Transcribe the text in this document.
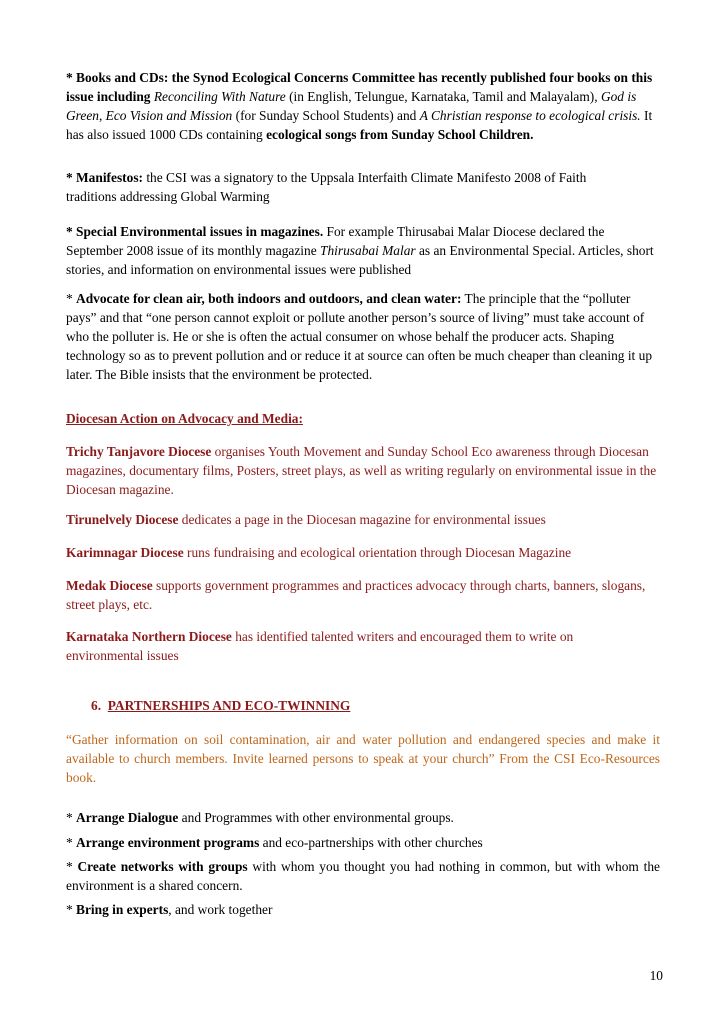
* Books and CDs: the Synod Ecological Concerns Committee has recently published four books on this issue including Reconciling With Nature (in English, Telungue, Karnataka, Tamil and Malayalam), God is Green, Eco Vision and Mission (for Sunday School Students) and A Christian response to ecological crisis. It has also issued 1000 CDs containing ecological songs from Sunday School Children.

* Manifestos: the CSI was a signatory to the Uppsala Interfaith Climate Manifesto 2008 of Faith traditions addressing Global Warming

* Special Environmental issues in magazines. For example Thirusabai Malar Diocese declared the September 2008 issue of its monthly magazine Thirusabai Malar as an Environmental Special. Articles, short stories, and information on environmental issues were published

* Advocate for clean air, both indoors and outdoors, and clean water: The principle that the “polluter pays” and that “one person cannot exploit or pollute another person’s source of living” must take account of who the polluter is. He or she is often the actual consumer on whose behalf the producer acts. Shaping technology so as to prevent pollution and or reduce it at source can often be much cheaper than cleaning it up later. The Bible insists that the environment be protected.

Diocesan Action on Advocacy and Media:

Trichy Tanjavore Diocese organises Youth Movement and Sunday School Eco awareness through Diocesan magazines, documentary films, Posters, street plays, as well as writing regularly on environmental issue in the Diocesan magazine.

Tirunelvely Diocese dedicates a page in the Diocesan magazine for environmental issues

Karimnagar Diocese runs fundraising and ecological orientation through Diocesan Magazine

Medak Diocese supports government programmes and practices advocacy through charts, banners, slogans, street plays, etc.

Karnataka Northern Diocese has identified talented writers and encouraged them to write on environmental issues

6. PARTNERSHIPS AND ECO-TWINNING

“Gather information on soil contamination, air and water pollution and endangered species and make it available to church members. Invite learned persons to speak at your church” From the CSI Eco-Resources book.

* Arrange Dialogue and Programmes with other environmental groups.

* Arrange environment programs and eco-partnerships with other churches

* Create networks with groups with whom you thought you had nothing in common, but with whom the environment is a shared concern.

* Bring in experts, and work together

10
